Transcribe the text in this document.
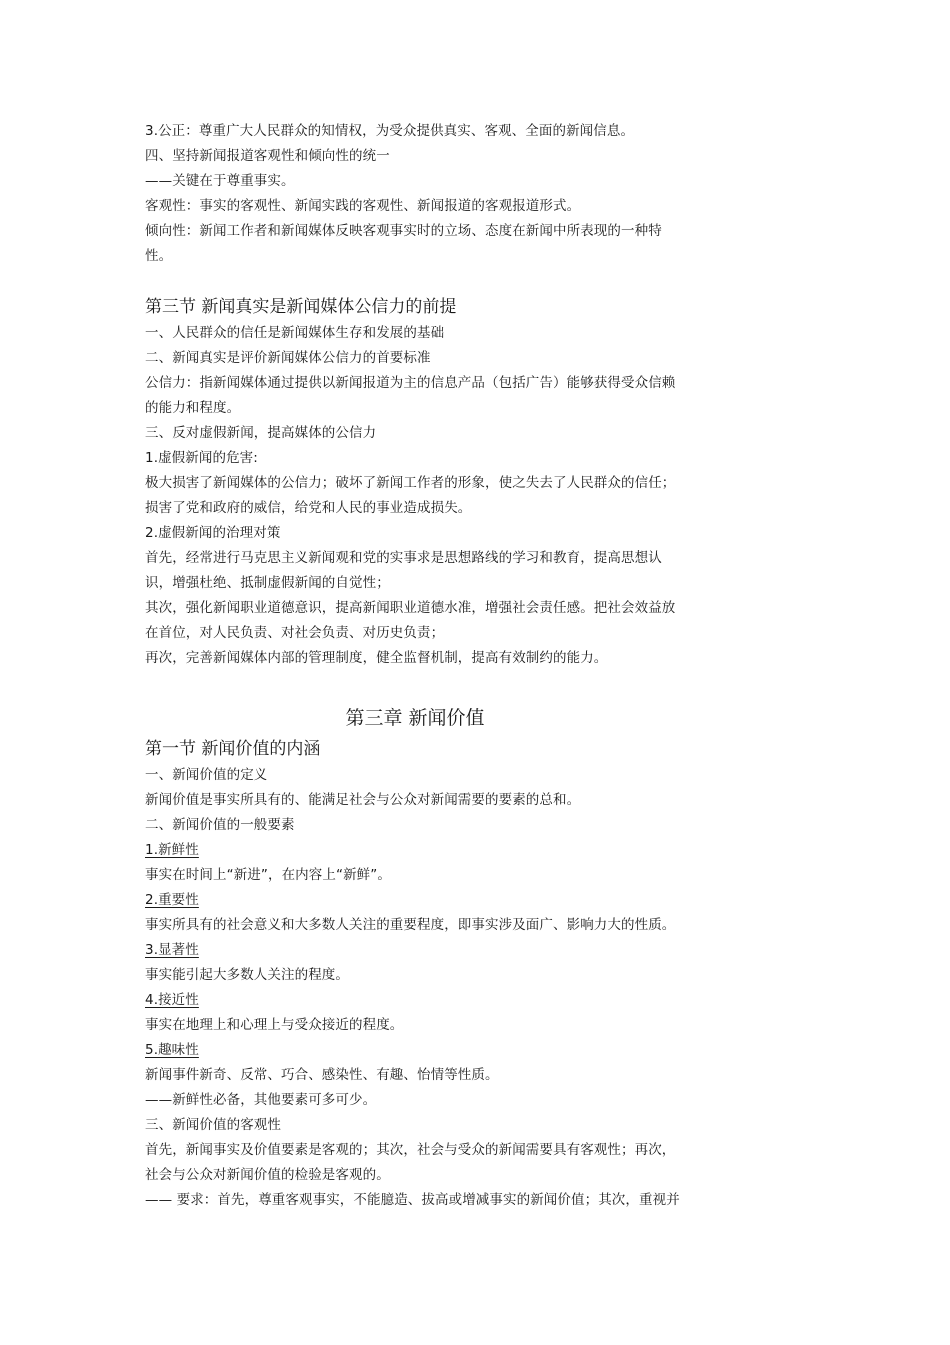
3.公正：尊重广大人民群众的知情权，为受众提供真实、客观、全面的新闻信息。
四、坚持新闻报道客观性和倾向性的统一
——关键在于尊重事实。
客观性：事实的客观性、新闻实践的客观性、新闻报道的客观报道形式。
倾向性：新闻工作者和新闻媒体反映客观事实时的立场、态度在新闻中所表现的一种特
性。
第三节 新闻真实是新闻媒体公信力的前提
一、人民群众的信任是新闻媒体生存和发展的基础
二、新闻真实是评价新闻媒体公信力的首要标准
公信力：指新闻媒体通过提供以新闻报道为主的信息产品（包括广告）能够获得受众信赖
的能力和程度。
三、反对虚假新闻，提高媒体的公信力
1.虚假新闻的危害:
极大损害了新闻媒体的公信力；破坏了新闻工作者的形象，使之失去了人民群众的信任；
损害了党和政府的威信，给党和人民的事业造成损失。
2.虚假新闻的治理对策
首先，经常进行马克思主义新闻观和党的实事求是思想路线的学习和教育，提高思想认
识，增强杜绝、抵制虚假新闻的自觉性；
其次，强化新闻职业道德意识，提高新闻职业道德水准，增强社会责任感。把社会效益放
在首位，对人民负责、对社会负责、对历史负责；
再次，完善新闻媒体内部的管理制度，健全监督机制，提高有效制约的能力。
第三章 新闻价值
第一节 新闻价值的内涵
一、新闻价值的定义
新闻价值是事实所具有的、能满足社会与公众对新闻需要的要素的总和。
二、新闻价值的一般要素
1.新鲜性
事实在时间上“新进”，在内容上“新鲜”。
2.重要性
事实所具有的社会意义和大多数人关注的重要程度，即事实涉及面广、影响力大的性质。
3.显著性
事实能引起大多数人关注的程度。
4.接近性
事实在地理上和心理上与受众接近的程度。
5.趣味性
新闻事件新奇、反常、巧合、感染性、有趣、怡情等性质。
——新鲜性必备，其他要素可多可少。
三、新闻价值的客观性
首先，新闻事实及价值要素是客观的；其次，社会与受众的新闻需要具有客观性；再次，
社会与公众对新闻价值的检验是客观的。
—— 要求：首先，尊重客观事实，不能臆造、拔高或增减事实的新闻价值；其次，重视并
